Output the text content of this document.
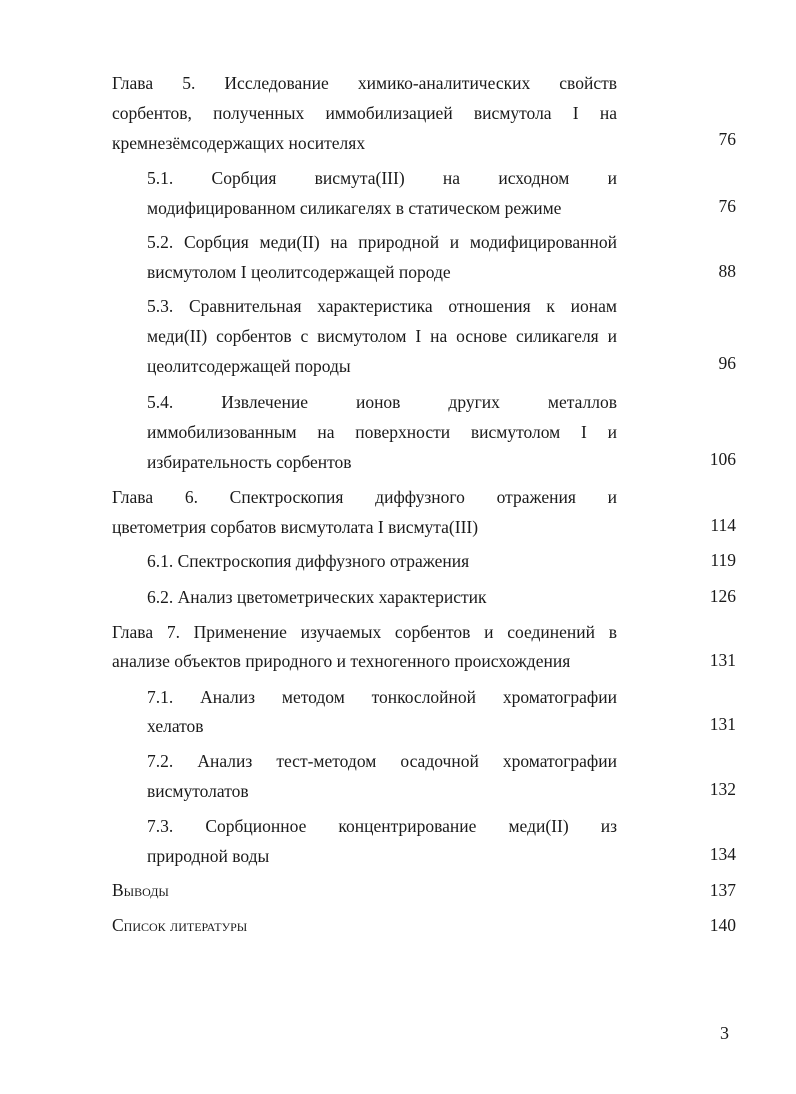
Глава 5. Исследование химико-аналитических свойств
сорбентов, полученных иммобилизацией висмутола I на
кремнезёмсодержащих носителях	76
5.1. Сорбция висмута(III) на исходном и
модифицированном силикагелях в статическом режиме	76
5.2. Сорбция меди(II) на природной и модифицированной
висмутолом I цеолитсодержащей породе	88
5.3. Сравнительная характеристика отношения к ионам
меди(II) сорбентов с висмутолом I на основе силикагеля и
цеолитсодержащей породы	96
5.4. Извлечение ионов других металлов
иммобилизованным на поверхности висмутолом I и
избирательность сорбентов	106
Глава 6. Спектроскопия диффузного отражения и
цветометрия сорбатов висмутолата I висмута(III)	114
6.1. Спектроскопия диффузного отражения	119
6.2. Анализ цветометрических характеристик	126
Глава 7. Применение изучаемых сорбентов и соединений в
анализе объектов природного и техногенного происхождения	131
7.1. Анализ методом тонкослойной хроматографии
хелатов	131
7.2. Анализ тест-методом осадочной хроматографии
висмутолатов	132
7.3. Сорбционное концентрирование меди(II) из
природной воды	134
Выводы	137
Список литературы	140
3
